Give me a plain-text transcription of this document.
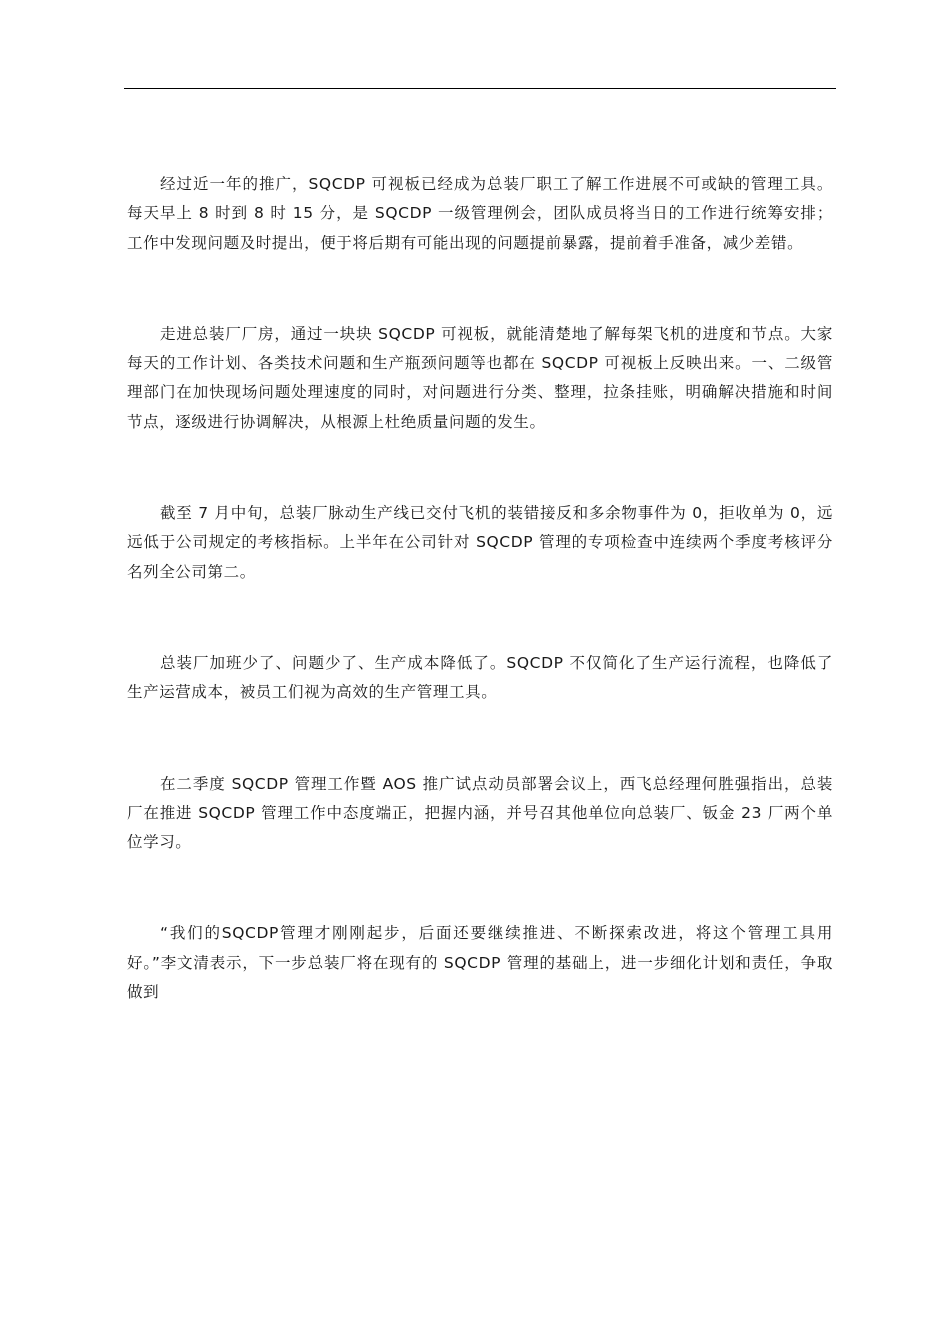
经过近一年的推广，SQCDP 可视板已经成为总装厂职工了解工作进展不可或缺的管理工具。每天早上 8 时到 8 时 15 分，是 SQCDP 一级管理例会，团队成员将当日的工作进行统筹安排；工作中发现问题及时提出，便于将后期有可能出现的问题提前暴露，提前着手准备，减少差错。

走进总装厂厂房，通过一块块 SQCDP 可视板，就能清楚地了解每架飞机的进度和节点。大家每天的工作计划、各类技术问题和生产瓶颈问题等也都在 SQCDP 可视板上反映出来。一、二级管理部门在加快现场问题处理速度的同时，对问题进行分类、整理，拉条挂账，明确解决措施和时间节点，逐级进行协调解决，从根源上杜绝质量问题的发生。

截至 7 月中旬，总装厂脉动生产线已交付飞机的装错接反和多余物事件为 0，拒收单为 0，远远低于公司规定的考核指标。上半年在公司针对 SQCDP 管理的专项检查中连续两个季度考核评分名列全公司第二。

总装厂加班少了、问题少了、生产成本降低了。SQCDP 不仅简化了生产运行流程，也降低了生产运营成本，被员工们视为高效的生产管理工具。

在二季度 SQCDP 管理工作暨 AOS 推广试点动员部署会议上，西飞总经理何胜强指出，总装厂在推进 SQCDP 管理工作中态度端正，把握内涵，并号召其他单位向总装厂、钣金 23 厂两个单位学习。

“我们的SQCDP管理才刚刚起步，后面还要继续推进、不断探索改进，将这个管理工具用好。”李文清表示，下一步总装厂将在现有的 SQCDP 管理的基础上，进一步细化计划和责任，争取做到
